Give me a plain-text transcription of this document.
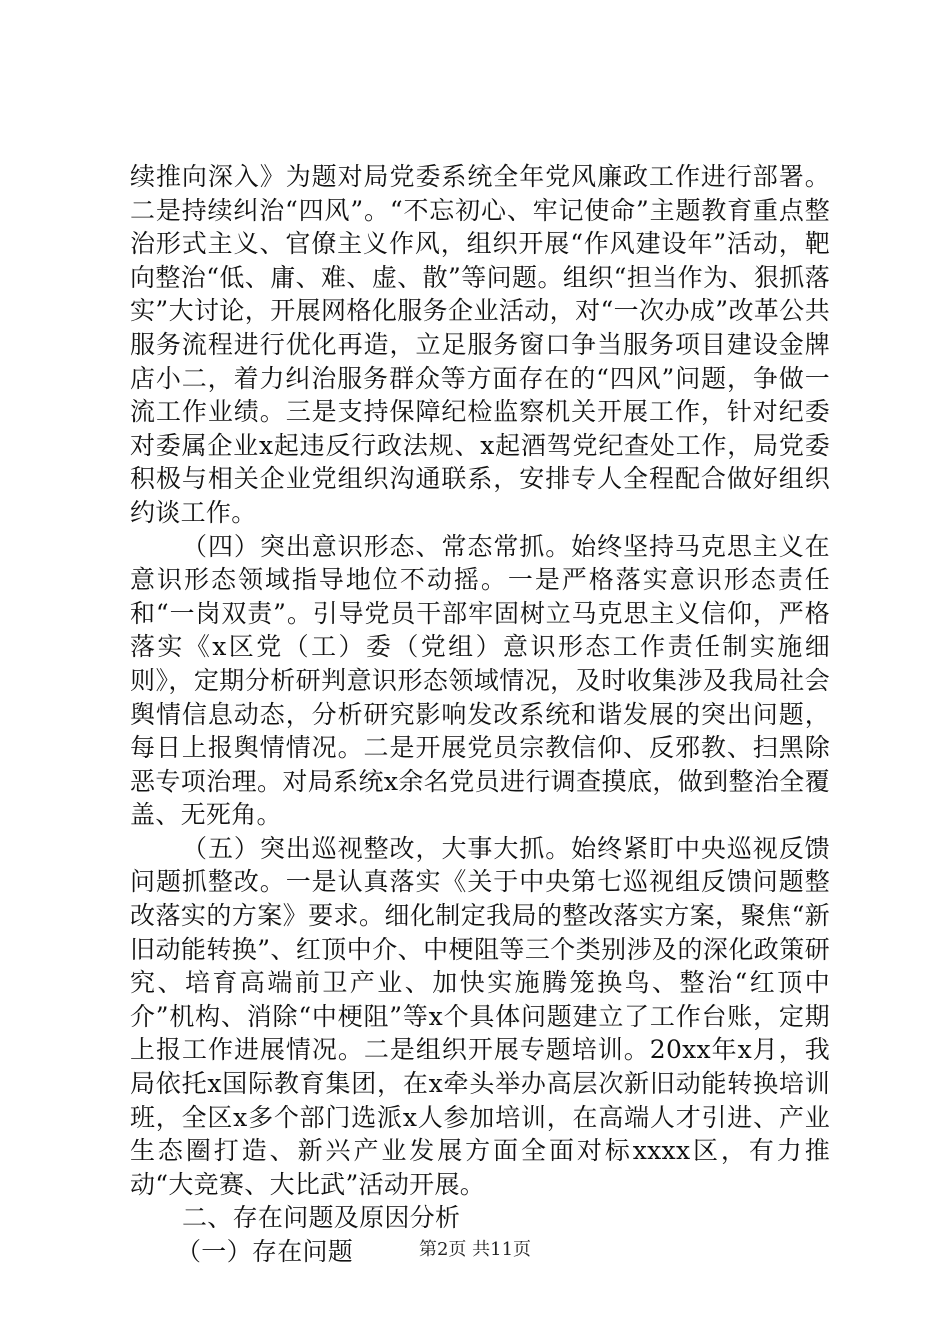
续推向深入》为题对局党委系统全年党风廉政工作进行部署。二是持续纠治“四风”。“不忘初心、牢记使命”主题教育重点整治形式主义、官僚主义作风，组织开展“作风建设年”活动，靶向整治“低、庸、难、虚、散”等问题。组织“担当作为、狠抓落实”大讨论，开展网格化服务企业活动，对“一次办成”改革公共服务流程进行优化再造，立足服务窗口争当服务项目建设金牌店小二，着力纠治服务群众等方面存在的“四风”问题，争做一流工作业绩。三是支持保障纪检监察机关开展工作，针对纪委对委属企业x起违反行政法规、x起酒驾党纪查处工作，局党委积极与相关企业党组织沟通联系，安排专人全程配合做好组织约谈工作。

（四）突出意识形态、常态常抓。始终坚持马克思主义在意识形态领域指导地位不动摇。一是严格落实意识形态责任和“一岗双责”。引导党员干部牢固树立马克思主义信仰，严格落实《x区党（工）委（党组）意识形态工作责任制实施细则》，定期分析研判意识形态领域情况，及时收集涉及我局社会舆情信息动态，分析研究影响发改系统和谐发展的突出问题，每日上报舆情情况。二是开展党员宗教信仰、反邪教、扫黑除恶专项治理。对局系统x余名党员进行调查摸底，做到整治全覆盖、无死角。

（五）突出巡视整改，大事大抓。始终紧盯中央巡视反馈问题抓整改。一是认真落实《关于中央第七巡视组反馈问题整改落实的方案》要求。细化制定我局的整改落实方案，聚焦“新旧动能转换”、红顶中介、中梗阻等三个类别涉及的深化政策研究、培育高端前卫产业、加快实施腾笼换鸟、整治“红顶中介”机构、消除“中梗阻”等x个具体问题建立了工作台账，定期上报工作进展情况。二是组织开展专题培训。20xx年x月，我局依托x国际教育集团，在x牵头举办高层次新旧动能转换培训班，全区x多个部门选派x人参加培训，在高端人才引进、产业生态圈打造、新兴产业发展方面全面对标xxxx区，有力推动“大竞赛、大比武”活动开展。

二、存在问题及原因分析

（一）存在问题	第2页 共11页
